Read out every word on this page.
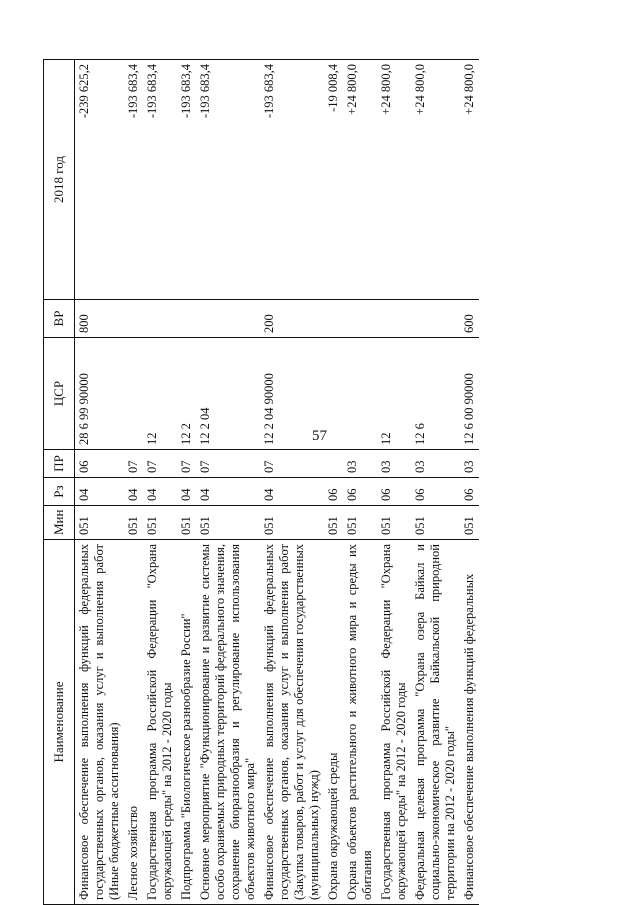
57
Наименование	Мин	Рз	ПР	ЦСР	ВР	2018 год
Финансовое обеспечение выполнения функций федеральных государственных органов, оказания услуг и выполнения работ (Иные бюджетные ассигнования)	051	04	06	28 6 99 90000	800	-239 625,2
Лесное хозяйство	051	04	07			-193 683,4
Государственная программа Российской Федерации "Охрана окружающей среды" на 2012 - 2020 годы	051	04	07	12		-193 683,4
Подпрограмма "Биологическое разнообразие России"	051	04	07	12 2		-193 683,4
Основное мероприятие "Функционирование и развитие системы особо охраняемых природных территорий федерального значения, сохранение биоразнообразия и регулирование использования объектов животного мира"	051	04	07	12 2 04		-193 683,4
Финансовое обеспечение выполнения функций федеральных государственных органов, оказания услуг и выполнения работ (Закупка товаров, работ и услуг для обеспечения государственных (муниципальных) нужд)	051	04	07	12 2 04 90000	200	-193 683,4
Охрана окружающей среды	051	06				-19 008,4
Охрана объектов растительного и животного мира и среды их обитания	051	06	03			+24 800,0
Государственная программа Российской Федерации "Охрана окружающей среды" на 2012 - 2020 годы	051	06	03	12		+24 800,0
Федеральная целевая программа "Охрана озера Байкал и социально-экономическое развитие Байкальской природной территории на 2012 - 2020 годы"	051	06	03	12 6		+24 800,0
Финансовое обеспечение выполнения функций федеральных	051	06	03	12 6 00 90000	600	+24 800,0
